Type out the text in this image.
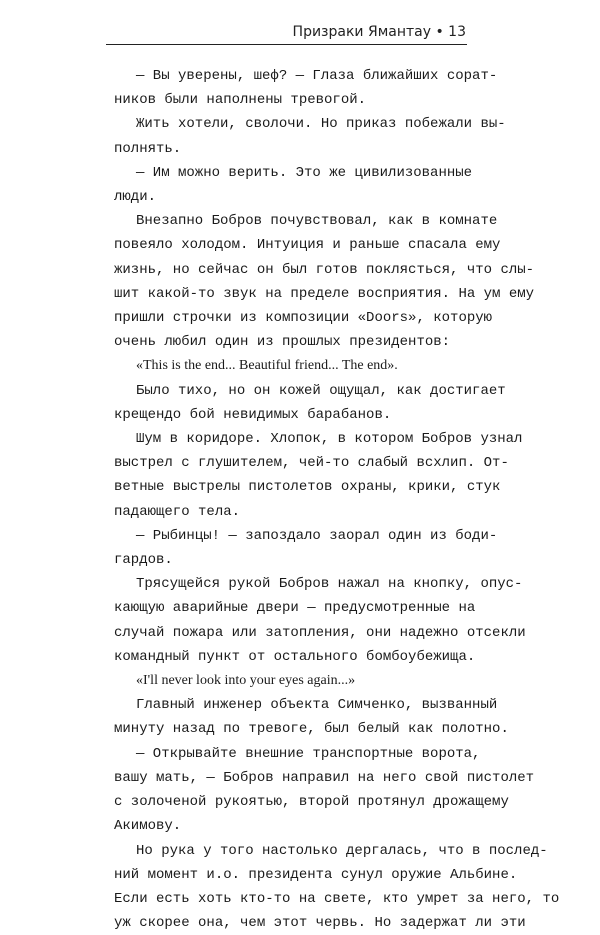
Призраки Ямантау • 13

— Вы уверены, шеф? — Глаза ближайших сорат-
ников были наполнены тревогой.

Жить хотели, сволочи. Но приказ побежали вы-
полнять.

— Им можно верить. Это же цивилизованные
люди.

Внезапно Бобров почувствовал, как в комнате
повеяло холодом. Интуиция и раньше спасала ему
жизнь, но сейчас он был готов поклясться, что слы-
шит какой-то звук на пределе восприятия. На ум ему
пришли строчки из композиции «Doors», которую
очень любил один из прошлых президентов:

«This is the end... Beautiful friend... The end».

Было тихо, но он кожей ощущал, как достигает
крещендо бой невидимых барабанов.

Шум в коридоре. Хлопок, в котором Бобров узнал
выстрел с глушителем, чей-то слабый всхлип. От-
ветные выстрелы пистолетов охраны, крики, стук
падающего тела.

— Рыбинцы! — запоздало заорал один из боди-
гардов.

Трясущейся рукой Бобров нажал на кнопку, опус-
кающую аварийные двери — предусмотренные на
случай пожара или затопления, они надежно отсекли
командный пункт от остального бомбоубежища.

«I'll never look into your eyes again...»

Главный инженер объекта Симченко, вызванный
минуту назад по тревоге, был белый как полотно.

— Открывайте внешние транспортные ворота,
вашу мать, — Бобров направил на него свой пистолет
с золоченой рукоятью, второй протянул дрожащему
Акимову.

Но рука у того настолько дергалась, что в послед-
ний момент и.о. президента сунул оружие Альбине.
Если есть хоть кто-то на свете, кто умрет за него, то
уж скорее она, чем этот червь. Но задержат ли эти
